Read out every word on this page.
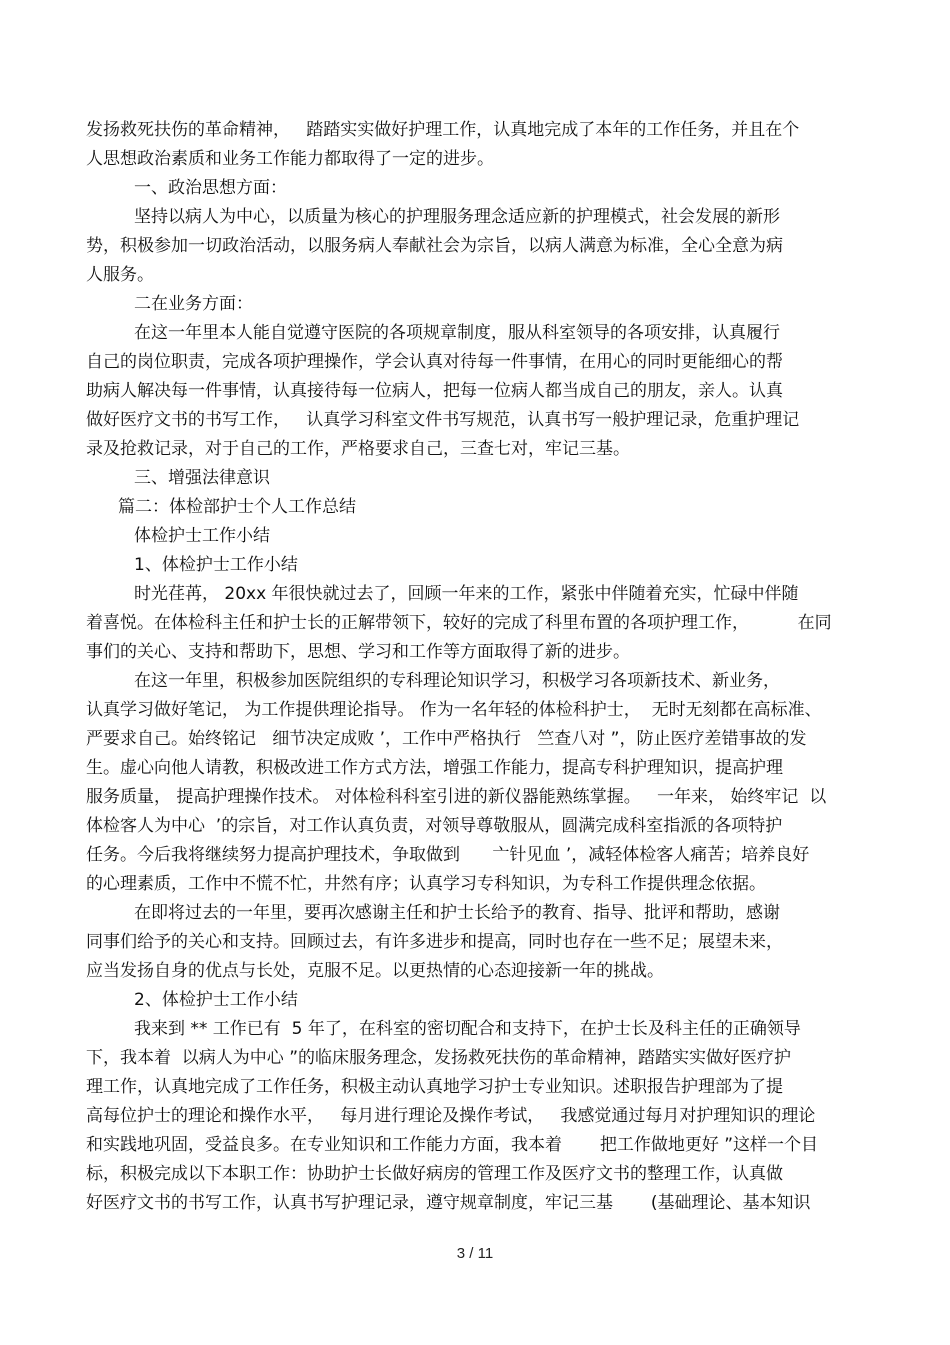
发扬救死扶伤的革命精神，   踏踏实实做好护理工作，认真地完成了本年的工作任务，并且在个
人思想政治素质和业务工作能力都取得了一定的进步。
一、政治思想方面：
坚持以病人为中心，以质量为核心的护理服务理念适应新的护理模式，社会发展的新形
势，积极参加一切政治活动，以服务病人奉献社会为宗旨，以病人满意为标准，全心全意为病
人服务。
二在业务方面：
在这一年里本人能自觉遵守医院的各项规章制度，服从科室领导的各项安排，认真履行
自己的岗位职责，完成各项护理操作，学会认真对待每一件事情，在用心的同时更能细心的帮
助病人解决每一件事情，认真接待每一位病人，把每一位病人都当成自己的朋友，亲人。认真
做好医疗文书的书写工作，   认真学习科室文件书写规范，认真书写一般护理记录，危重护理记
录及抢救记录，对于自己的工作，严格要求自己，三查七对，牢记三基。
三、增强法律意识
篇二：体检部护士个人工作总结
体检护士工作小结
1、体检护士工作小结
时光荏苒， 20xx 年很快就过去了，回顾一年来的工作，紧张中伴随着充实，忙碌中伴随
着喜悦。在体检科主任和护士长的正解带领下，较好的完成了科里布置的各项护理工作，         在同
事们的关心、支持和帮助下，思想、学习和工作等方面取得了新的进步。
在这一年里，积极参加医院组织的专科理论知识学习，积极学习各项新技术、新业务，
认真学习做好笔记， 为工作提供理论指导。 作为一名年轻的体检科护士，  无时无刻都在高标准、
严要求自己。始终铭记   细节决定成败 ’，工作中严格执行   竺查八对 ”，防止医疗差错事故的发
生。虚心向他人请教，积极改进工作方式方法，增强工作能力，提高专科护理知识，提高护理
服务质量， 提高护理操作技术。 对体检科科室引进的新仪器能熟练掌握。   一年来， 始终牢记  以
体检客人为中心  ’的宗旨，对工作认真负责，对领导尊敬服从，圆满完成科室指派的各项特护
任务。今后我将继续努力提高护理技术，争取做到      亠针见血 ’，减轻体检客人痛苦；培养良好
的心理素质，工作中不慌不忙，井然有序；认真学习专科知识，为专科工作提供理念依据。
在即将过去的一年里，要再次感谢主任和护士长给予的教育、指导、批评和帮助，感谢
同事们给予的关心和支持。回顾过去，有许多进步和提高，同时也存在一些不足；展望未来，
应当发扬自身的优点与长处，克服不足。以更热情的心态迎接新一年的挑战。
2、体检护士工作小结
我来到 ** 工作已有  5 年了，在科室的密切配合和支持下，在护士长及科主任的正确领导
下，我本着  以病人为中心 ”的临床服务理念，发扬救死扶伤的革命精神，踏踏实实做好医疗护
理工作，认真地完成了工作任务，积极主动认真地学习护士专业知识。述职报告护理部为了提
高每位护士的理论和操作水平，   每月进行理论及操作考试，   我感觉通过每月对护理知识的理论
和实践地巩固，受益良多。在专业知识和工作能力方面，我本着       把工作做地更好 ”这样一个目
标，积极完成以下本职工作：协助护士长做好病房的管理工作及医疗文书的整理工作，认真做
好医疗文书的书写工作，认真书写护理记录，遵守规章制度，牢记三基       (基础理论、基本知识
3 / 11
